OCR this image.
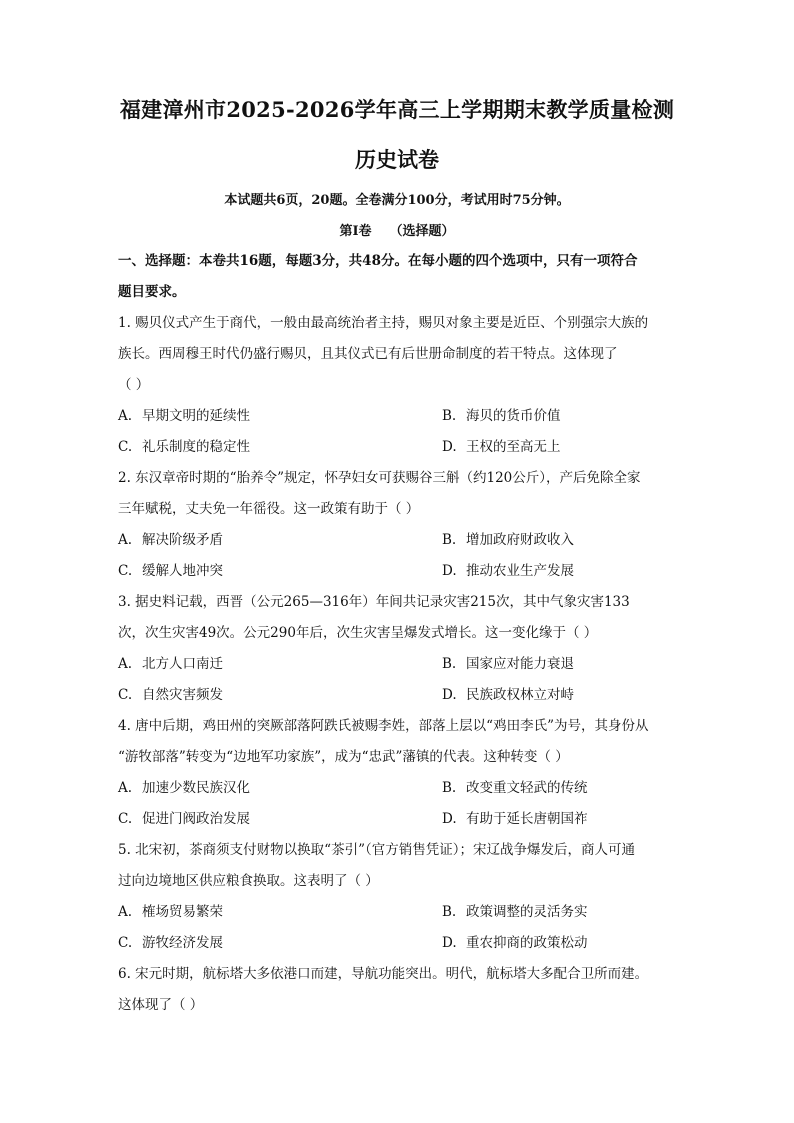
福建漳州市2025-2026学年高三上学期期末教学质量检测
历史试卷
本试题共6页，20题。全卷满分100分，考试用时75分钟。
第Ⅰ卷 （选择题）
一、选择题：本卷共16题，每题3分，共48分。在每小题的四个选项中，只有一项符合
题目要求。
1. 赐贝仪式产生于商代，一般由最高统治者主持，赐贝对象主要是近臣、个别强宗大族的
族长。西周穆王时代仍盛行赐贝，且其仪式已有后世册命制度的若干特点。这体现了
（ ）
A. 早期文明的延续性	B. 海贝的货币价值
C. 礼乐制度的稳定性	D. 王权的至高无上
2. 东汉章帝时期的“胎养令”规定，怀孕妇女可获赐谷三斛（约120公斤），产后免除全家
三年赋税，丈夫免一年徭役。这一政策有助于（ ）
A. 解决阶级矛盾	B. 增加政府财政收入
C. 缓解人地冲突	D. 推动农业生产发展
3. 据史料记载，西晋（公元265—316年）年间共记录灾害215次，其中气象灾害133
次，次生灾害49次。公元290年后，次生灾害呈爆发式增长。这一变化缘于（ ）
A. 北方人口南迁	B. 国家应对能力衰退
C. 自然灾害频发	D. 民族政权林立对峙
4. 唐中后期，鸡田州的突厥部落阿跌氏被赐李姓，部落上层以“鸡田李氏”为号，其身份从
“游牧部落”转变为“边地军功家族”，成为“忠武”藩镇的代表。这种转变（ ）
A. 加速少数民族汉化	B. 改变重文轻武的传统
C. 促进门阀政治发展	D. 有助于延长唐朝国祚
5. 北宋初，茶商须支付财物以换取“茶引”（官方销售凭证）；宋辽战争爆发后，商人可通
过向边境地区供应粮食换取。这表明了（ ）
A. 榷场贸易繁荣	B. 政策调整的灵活务实
C. 游牧经济发展	D. 重农抑商的政策松动
6. 宋元时期，航标塔大多依港口而建，导航功能突出。明代，航标塔大多配合卫所而建。
这体现了（ ）
